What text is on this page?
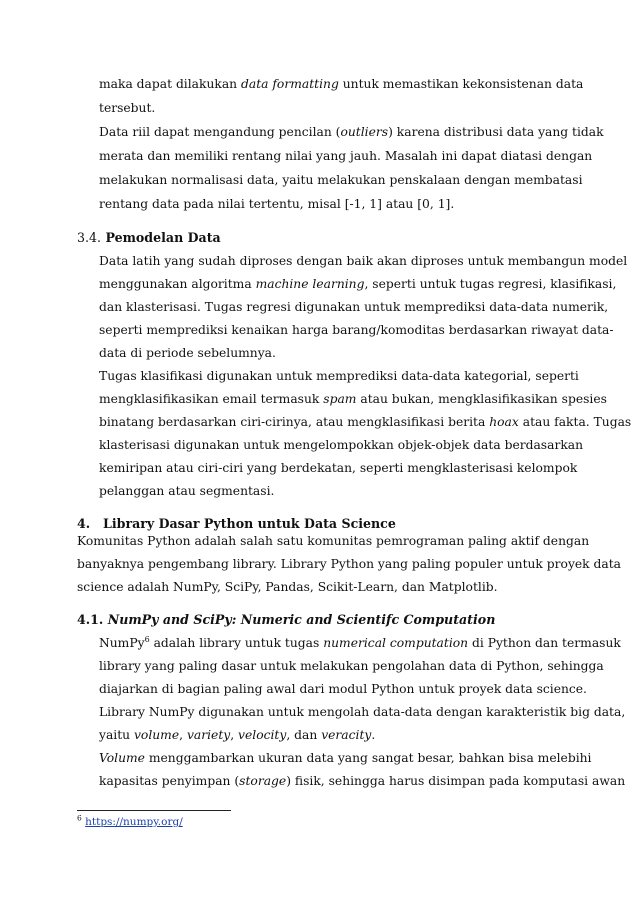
maka dapat dilakukan data formatting untuk memastikan kekonsistenan data
tersebut.
Data riil dapat mengandung pencilan (outliers) karena distribusi data yang tidak
merata dan memiliki rentang nilai yang jauh. Masalah ini dapat diatasi dengan
melakukan normalisasi data, yaitu melakukan penskalaan dengan membatasi
rentang data pada nilai tertentu, misal [-1, 1] atau [0, 1].
3.4. Pemodelan Data
Data latih yang sudah diproses dengan baik akan diproses untuk membangun model
menggunakan algoritma machine learning, seperti untuk tugas regresi, klasifikasi,
dan klasterisasi. Tugas regresi digunakan untuk memprediksi data-data numerik,
seperti memprediksi kenaikan harga barang/komoditas berdasarkan riwayat data-
data di periode sebelumnya.
Tugas klasifikasi digunakan untuk memprediksi data-data kategorial, seperti
mengklasifikasikan email termasuk spam atau bukan, mengklasifikasikan spesies
binatang berdasarkan ciri-cirinya, atau mengklasifikasi berita hoax atau fakta. Tugas
klasterisasi digunakan untuk mengelompokkan objek-objek data berdasarkan
kemiripan atau ciri-ciri yang berdekatan, seperti mengklasterisasi kelompok
pelanggan atau segmentasi.
4. Library Dasar Python untuk Data Science
Komunitas Python adalah salah satu komunitas pemrograman paling aktif dengan
banyaknya pengembang library. Library Python yang paling populer untuk proyek data
science adalah NumPy, SciPy, Pandas, Scikit-Learn, dan Matplotlib.
4.1. NumPy and SciPy: Numeric and Scientifc Computation
NumPy$^6$ adalah library untuk tugas numerical computation di Python dan termasuk
library yang paling dasar untuk melakukan pengolahan data di Python, sehingga
diajarkan di bagian paling awal dari modul Python untuk proyek data science.
Library NumPy digunakan untuk mengolah data-data dengan karakteristik big data,
yaitu volume, variety, velocity, dan veracity.
Volume menggambarkan ukuran data yang sangat besar, bahkan bisa melebihi
kapasitas penyimpan (storage) fisik, sehingga harus disimpan pada komputasi awan
$^6$ https://numpy.org/
